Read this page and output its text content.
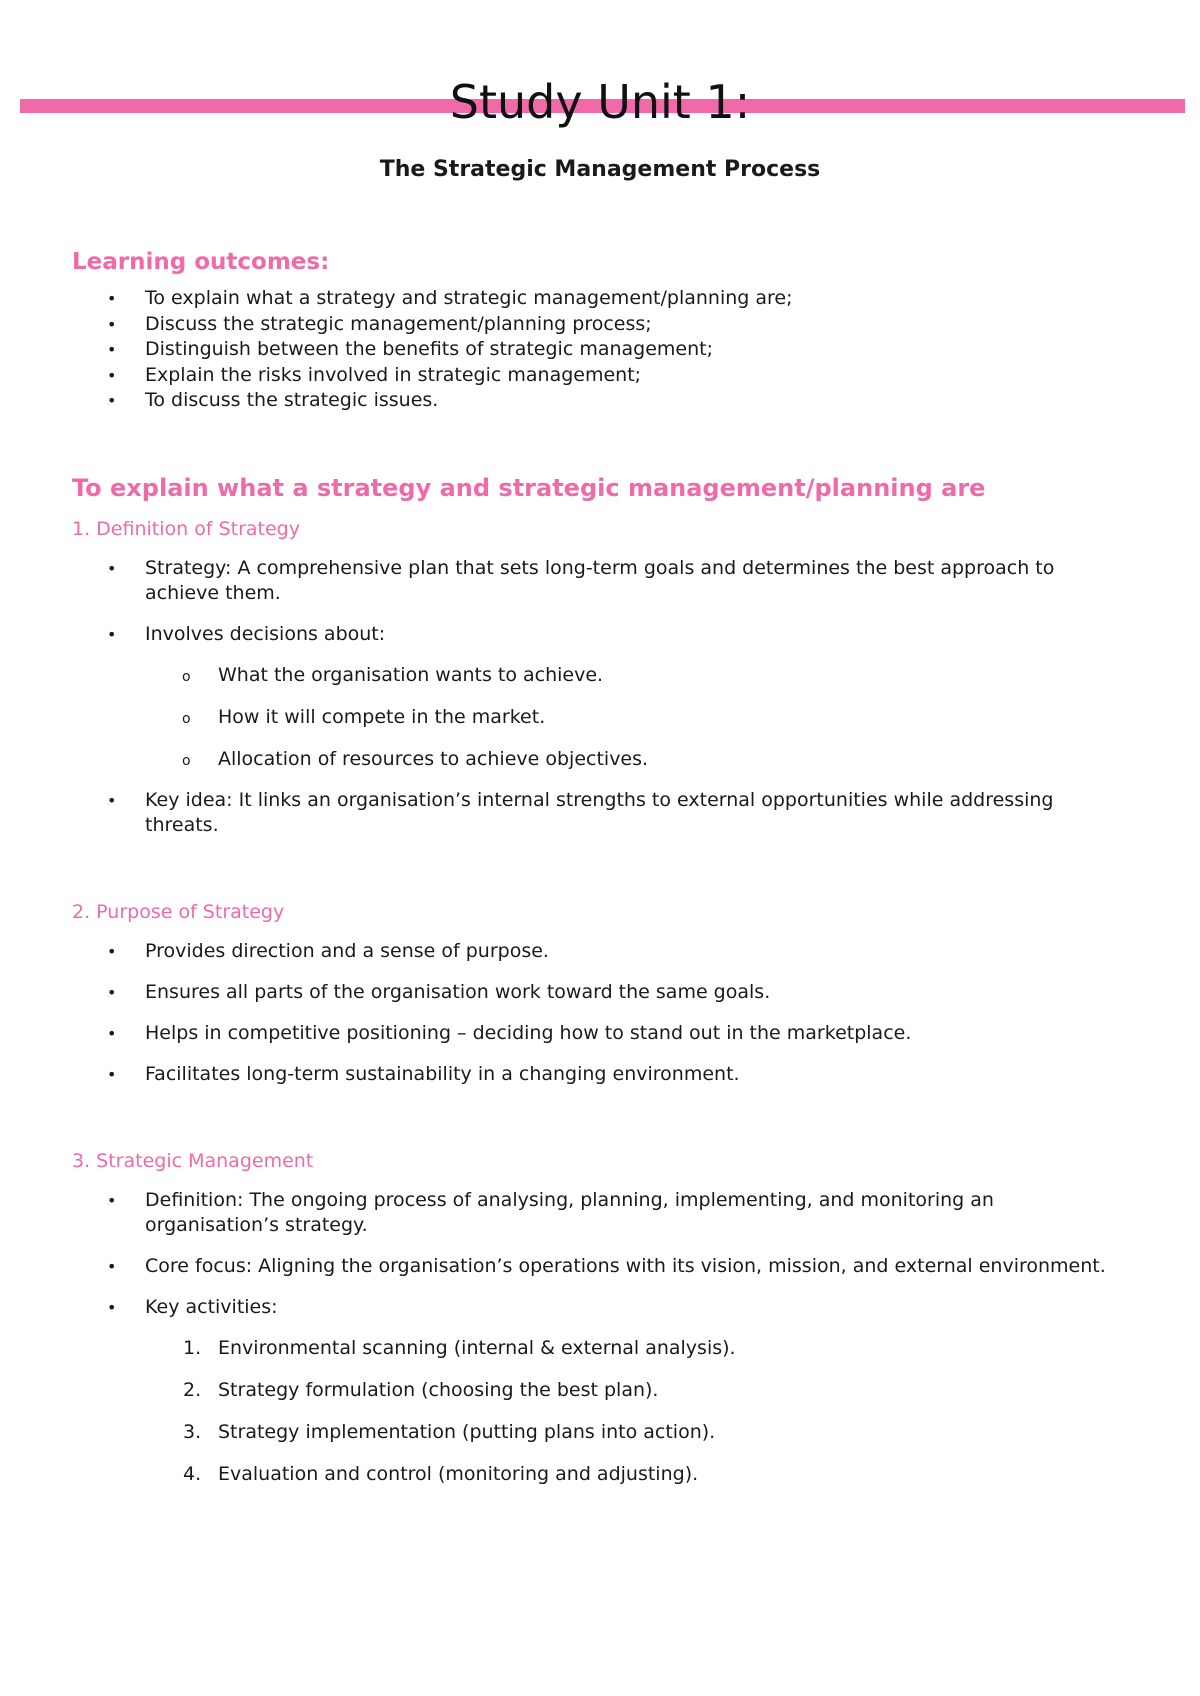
Study Unit 1:
The Strategic Management Process
Learning outcomes:
• To explain what a strategy and strategic management/planning are;
• Discuss the strategic management/planning process;
• Distinguish between the benefits of strategic management;
• Explain the risks involved in strategic management;
• To discuss the strategic issues.
To explain what a strategy and strategic management/planning are
1. Definition of Strategy
• Strategy: A comprehensive plan that sets long-term goals and determines the best approach to achieve them.
• Involves decisions about:
o What the organisation wants to achieve.
o How it will compete in the market.
o Allocation of resources to achieve objectives.
• Key idea: It links an organisation’s internal strengths to external opportunities while addressing threats.
2. Purpose of Strategy
• Provides direction and a sense of purpose.
• Ensures all parts of the organisation work toward the same goals.
• Helps in competitive positioning – deciding how to stand out in the marketplace.
• Facilitates long-term sustainability in a changing environment.
3. Strategic Management
• Definition: The ongoing process of analysing, planning, implementing, and monitoring an organisation’s strategy.
• Core focus: Aligning the organisation’s operations with its vision, mission, and external environment.
• Key activities:
1. Environmental scanning (internal & external analysis).
2. Strategy formulation (choosing the best plan).
3. Strategy implementation (putting plans into action).
4. Evaluation and control (monitoring and adjusting).
